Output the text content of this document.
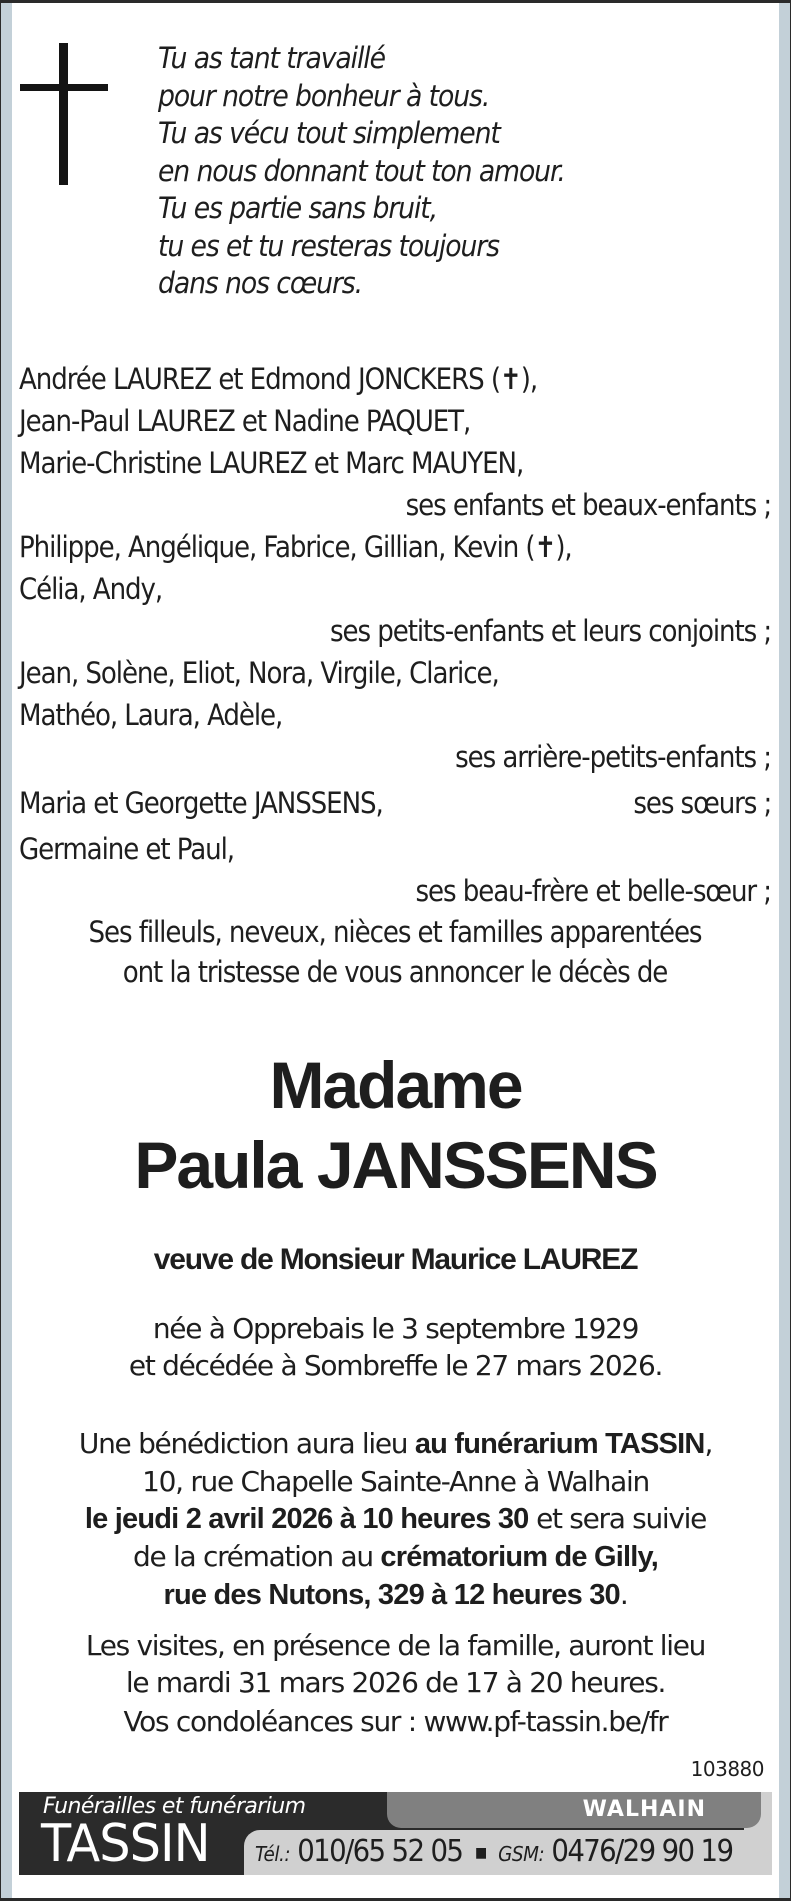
Tu as tant travaillé
pour notre bonheur à tous.
Tu as vécu tout simplement
en nous donnant tout ton amour.
Tu es partie sans bruit,
tu es et tu resteras toujours
dans nos cœurs.
Andrée LAUREZ et Edmond JONCKERS (✝),
Jean-Paul LAUREZ et Nadine PAQUET,
Marie-Christine LAUREZ et Marc MAUYEN,
ses enfants et beaux-enfants ;
Philippe, Angélique, Fabrice, Gillian, Kevin (✝),
Célia, Andy,
ses petits-enfants et leurs conjoints ;
Jean, Solène, Eliot, Nora, Virgile, Clarice,
Mathéo, Laura, Adèle,
ses arrière-petits-enfants ;
Maria et Georgette JANSSENS,	ses sœurs ;
Germaine et Paul,
ses beau-frère et belle-sœur ;
Ses filleuls, neveux, nièces et familles apparentées
ont la tristesse de vous annoncer le décès de
Madame
Paula JANSSENS
veuve de Monsieur Maurice LAUREZ
née à Opprebais le 3 septembre 1929
et décédée à Sombreffe le 27 mars 2026.
Une bénédiction aura lieu au funérarium TASSIN,
10, rue Chapelle Sainte-Anne à Walhain
le jeudi 2 avril 2026 à 10 heures 30 et sera suivie
de la crémation au crématorium de Gilly,
rue des Nutons, 329 à 12 heures 30.
Les visites, en présence de la famille, auront lieu
le mardi 31 mars 2026 de 17 à 20 heures.
Vos condoléances sur : www.pf-tassin.be/fr
103880
Funérailles et funérarium
TASSIN
WALHAIN
Tél.: 010/65 52 05 ■ GSM: 0476/29 90 19
